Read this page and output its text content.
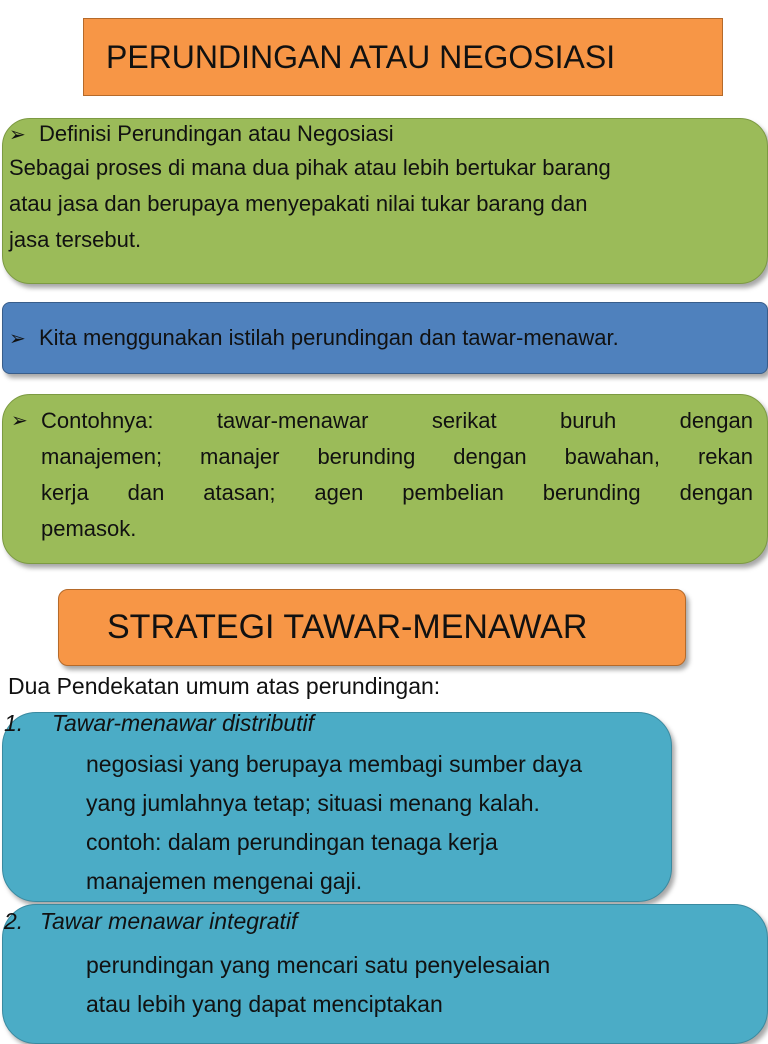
PERUNDINGAN ATAU NEGOSIASI
➢ Definisi Perundingan atau Negosiasi
Sebagai proses di mana dua pihak atau lebih bertukar barang
atau jasa dan berupaya menyepakati nilai tukar barang dan
jasa tersebut.
➢ Kita menggunakan istilah perundingan dan tawar-menawar.
➢ Contohnya: tawar-menawar serikat buruh dengan
manajemen; manajer berunding dengan bawahan, rekan
kerja dan atasan; agen pembelian berunding dengan
pemasok.
STRATEGI TAWAR-MENAWAR
Dua Pendekatan umum atas perundingan:
1. Tawar-menawar distributif
negosiasi yang berupaya membagi sumber daya
yang jumlahnya tetap; situasi menang kalah.
contoh: dalam perundingan tenaga kerja
manajemen mengenai gaji.
2. Tawar menawar integratif
perundingan yang mencari satu penyelesaian
atau lebih yang dapat menciptakan
